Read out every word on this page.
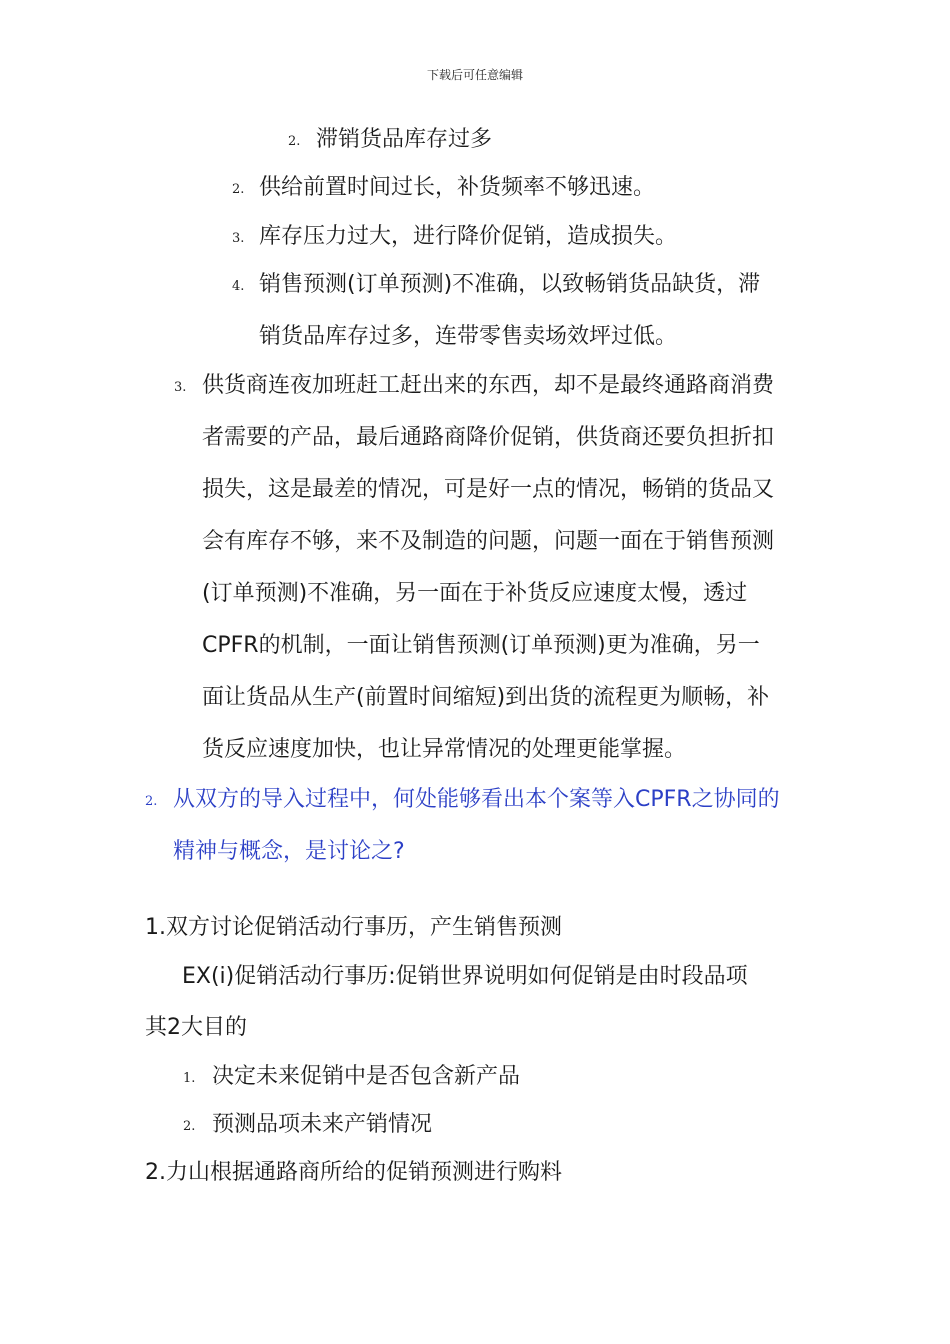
下载后可任意编辑
2. 滞销货品库存过多
2. 供给前置时间过长，补货频率不够迅速。
3. 库存压力过大，进行降价促销，造成损失。
4. 销售预测(订单预测)不准确，以致畅销货品缺货，滞
销货品库存过多，连带零售卖场效坪过低。
3. 供货商连夜加班赶工赶出来的东西，却不是最终通路商消费
者需要的产品，最后通路商降价促销，供货商还要负担折扣
损失，这是最差的情况，可是好一点的情况，畅销的货品又
会有库存不够，来不及制造的问题，问题一面在于销售预测
(订单预测)不准确，另一面在于补货反应速度太慢，透过
CPFR的机制，一面让销售预测(订单预测)更为准确，另一
面让货品从生产(前置时间缩短)到出货的流程更为顺畅，补
货反应速度加快，也让异常情况的处理更能掌握。
2. 从双方的导入过程中，何处能够看出本个案等入CPFR之协同的
精神与概念，是讨论之?
1.双方讨论促销活动行事历，产生销售预测
EX(i)促销活动行事历:促销世界说明如何促销是由时段品项
其2大目的
1. 决定未来促销中是否包含新产品
2. 预测品项未来产销情况
2.力山根据通路商所给的促销预测进行购料
